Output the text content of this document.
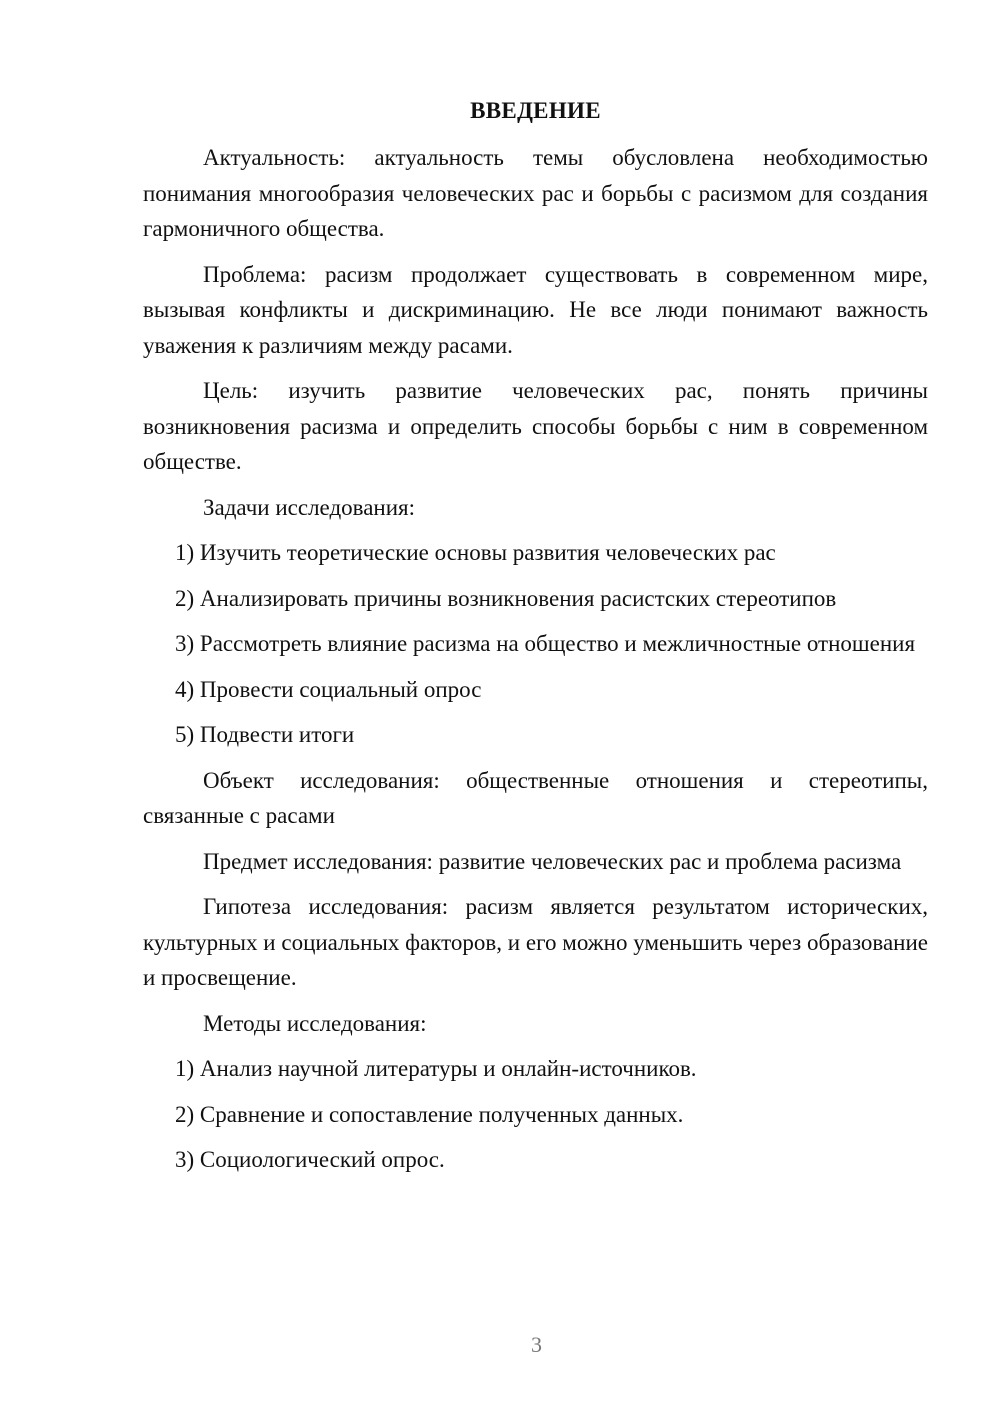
ВВЕДЕНИЕ

Актуальность: актуальность темы обусловлена необходимостью понимания многообразия человеческих рас и борьбы с расизмом для создания гармоничного общества.

Проблема: расизм продолжает существовать в современном мире, вызывая конфликты и дискриминацию. Не все люди понимают важность уважения к различиям между расами.

Цель: изучить развитие человеческих рас, понять причины возникновения расизма и определить способы борьбы с ним в современном обществе.

Задачи исследования:

1) Изучить теоретические основы развития человеческих рас

2) Анализировать причины возникновения расистских стереотипов

3) Рассмотреть влияние расизма на общество и межличностные отношения

4) Провести социальный опрос

5) Подвести итоги

Объект исследования: общественные отношения и стереотипы, связанные с расами

Предмет исследования: развитие человеческих рас и проблема расизма

Гипотеза исследования: расизм является результатом исторических, культурных и социальных факторов, и его можно уменьшить через образование и просвещение.

Методы исследования:

1) Анализ научной литературы и онлайн-источников.

2) Сравнение и сопоставление полученных данных.

3) Социологический опрос.

3
